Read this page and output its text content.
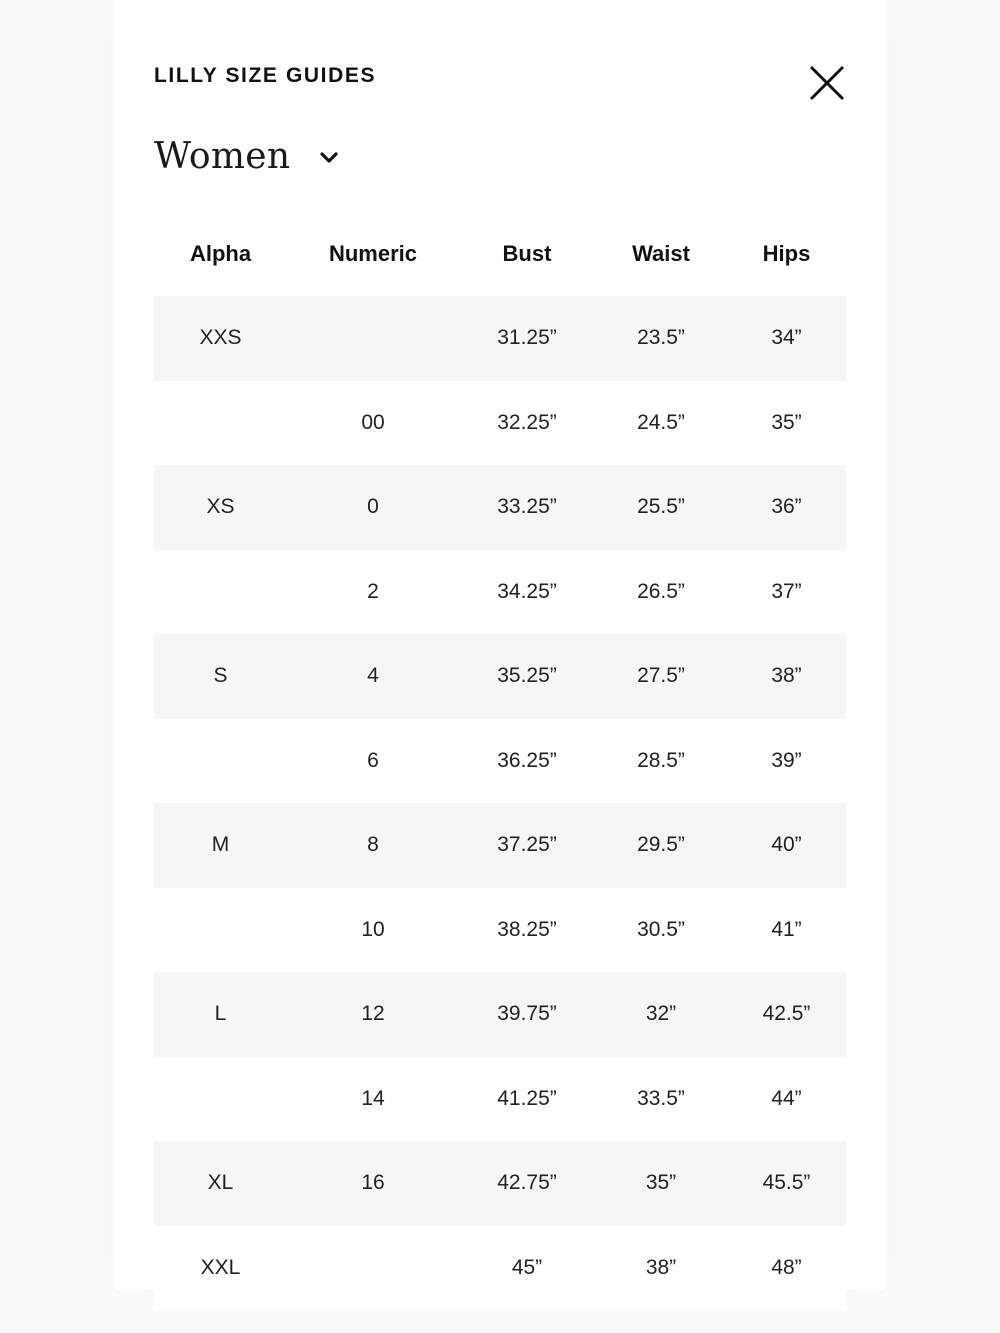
LILLY SIZE GUIDES
Women
Alpha	Numeric	Bust	Waist	Hips
XXS		31.25”	23.5”	34”
	00	32.25”	24.5”	35”
XS	0	33.25”	25.5”	36”
	2	34.25”	26.5”	37”
S	4	35.25”	27.5”	38”
	6	36.25”	28.5”	39”
M	8	37.25”	29.5”	40”
	10	38.25”	30.5”	41”
L	12	39.75”	32”	42.5”
	14	41.25”	33.5”	44”
XL	16	42.75”	35”	45.5”
XXL		45”	38”	48”
